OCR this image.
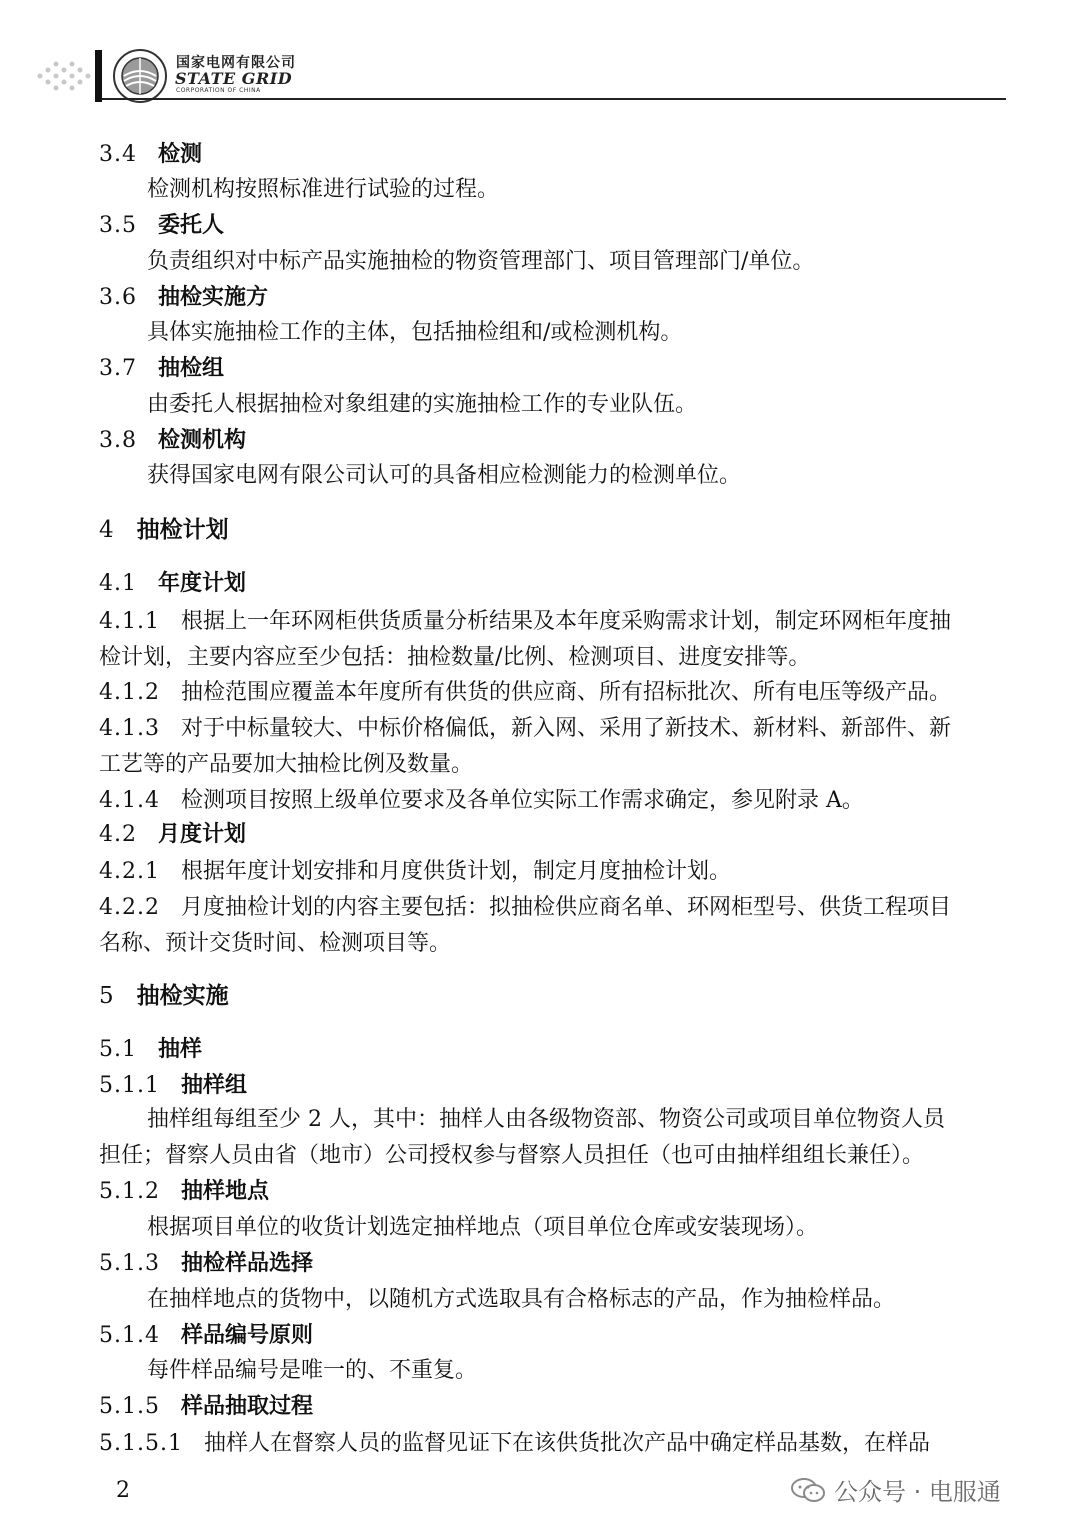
国家电网有限公司
STATE GRID
CORPORATION OF CHINA
3.4 检测
检测机构按照标准进行试验的过程。
3.5 委托人
负责组织对中标产品实施抽检的物资管理部门、项目管理部门/单位。
3.6 抽检实施方
具体实施抽检工作的主体，包括抽检组和/或检测机构。
3.7 抽检组
由委托人根据抽检对象组建的实施抽检工作的专业队伍。
3.8 检测机构
获得国家电网有限公司认可的具备相应检测能力的检测单位。
4 抽检计划
4.1 年度计划
4.1.1 根据上一年环网柜供货质量分析结果及本年度采购需求计划，制定环网柜年度抽
检计划，主要内容应至少包括：抽检数量/比例、检测项目、进度安排等。
4.1.2 抽检范围应覆盖本年度所有供货的供应商、所有招标批次、所有电压等级产品。
4.1.3 对于中标量较大、中标价格偏低，新入网、采用了新技术、新材料、新部件、新
工艺等的产品要加大抽检比例及数量。
4.1.4 检测项目按照上级单位要求及各单位实际工作需求确定，参见附录 A。
4.2 月度计划
4.2.1 根据年度计划安排和月度供货计划，制定月度抽检计划。
4.2.2 月度抽检计划的内容主要包括：拟抽检供应商名单、环网柜型号、供货工程项目
名称、预计交货时间、检测项目等。
5 抽检实施
5.1 抽样
5.1.1 抽样组
抽样组每组至少 2 人，其中：抽样人由各级物资部、物资公司或项目单位物资人员
担任；督察人员由省（地市）公司授权参与督察人员担任（也可由抽样组组长兼任）。
5.1.2 抽样地点
根据项目单位的收货计划选定抽样地点（项目单位仓库或安装现场）。
5.1.3 抽检样品选择
在抽样地点的货物中，以随机方式选取具有合格标志的产品，作为抽检样品。
5.1.4 样品编号原则
每件样品编号是唯一的、不重复。
5.1.5 样品抽取过程
5.1.5.1 抽样人在督察人员的监督见证下在该供货批次产品中确定样品基数，在样品
2	公众号 · 电服通
